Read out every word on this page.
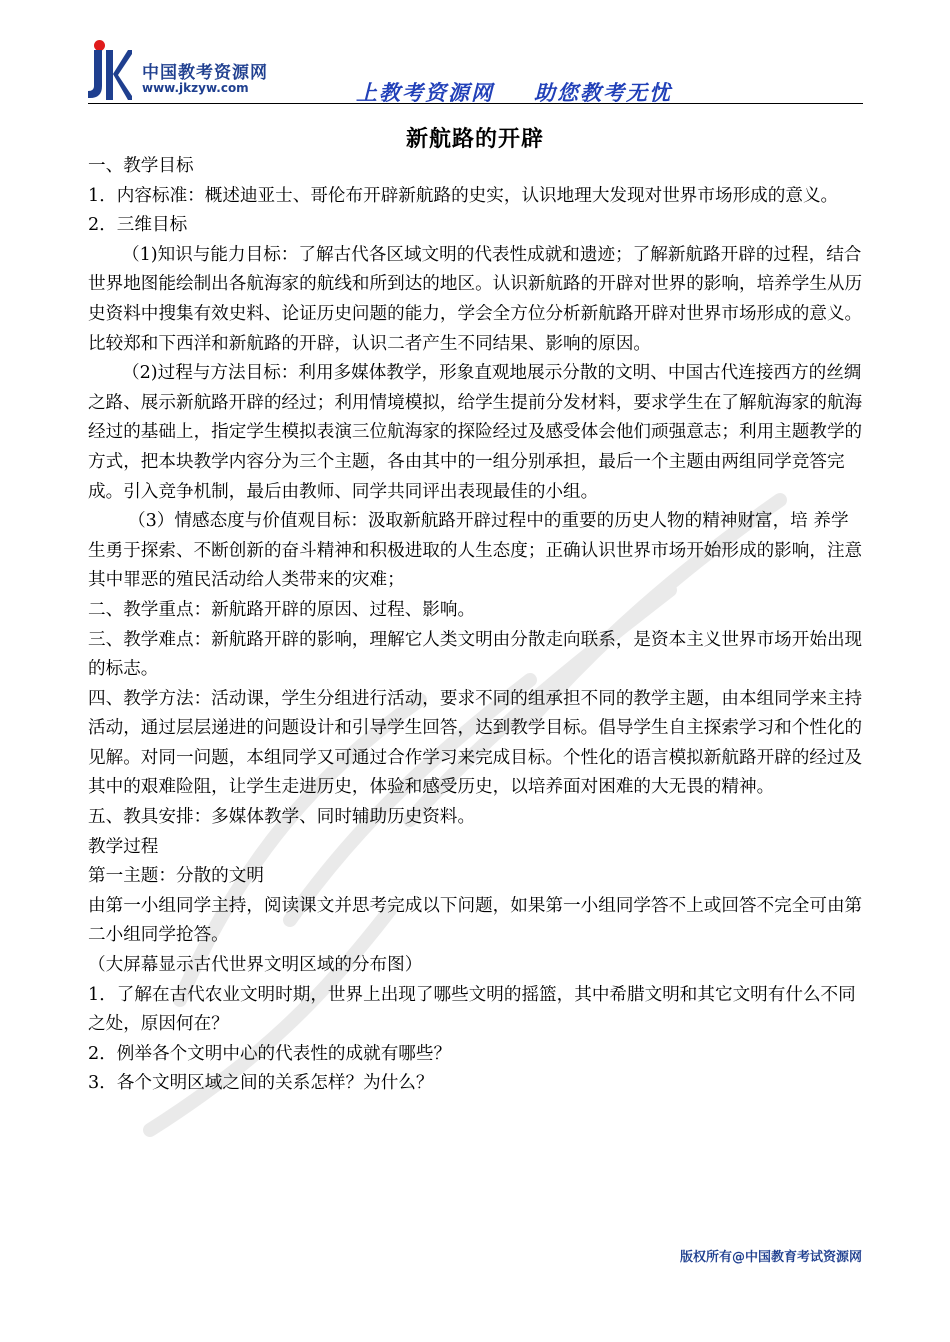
中国教考资源网
www.jkzyw.com	上教考资源网 助您教考无忧
新航路的开辟

一、教学目标

1．内容标准：概述迪亚士、哥伦布开辟新航路的史实，认识地理大发现对世界市场形成的意义。

2．三维目标

（1)知识与能力目标：了解古代各区域文明的代表性成就和遗迹；了解新航路开辟的过程，结合世界地图能绘制出各航海家的航线和所到达的地区。认识新航路的开辟对世界的影响，培养学生从历史资料中搜集有效史料、论证历史问题的能力，学会全方位分析新航路开辟对世界市场形成的意义。比较郑和下西洋和新航路的开辟，认识二者产生不同结果、影响的原因。

（2)过程与方法目标：利用多媒体教学，形象直观地展示分散的文明、中国古代连接西方的丝绸之路、展示新航路开辟的经过；利用情境模拟，给学生提前分发材料，要求学生在了解航海家的航海经过的基础上，指定学生模拟表演三位航海家的探险经过及感受体会他们顽强意志；利用主题教学的方式，把本块教学内容分为三个主题，各由其中的一组分别承担，最后一个主题由两组同学竞答完成。引入竞争机制，最后由教师、同学共同评出表现最佳的小组。

（3）情感态度与价值观目标：汲取新航路开辟过程中的重要的历史人物的精神财富，培 养学生勇于探索、不断创新的奋斗精神和积极进取的人生态度；正确认识世界市场开始形成的影响，注意其中罪恶的殖民活动给人类带来的灾难；

二、教学重点：新航路开辟的原因、过程、影响。

三、教学难点：新航路开辟的影响，理解它人类文明由分散走向联系，是资本主义世界市场开始出现的标志。

四、教学方法：活动课，学生分组进行活动，要求不同的组承担不同的教学主题，由本组同学来主持活动，通过层层递进的问题设计和引导学生回答，达到教学目标。倡导学生自主探索学习和个性化的见解。对同一问题，本组同学又可通过合作学习来完成目标。个性化的语言模拟新航路开辟的经过及其中的艰难险阻，让学生走进历史，体验和感受历史，以培养面对困难的大无畏的精神。

五、教具安排：多媒体教学、同时辅助历史资料。

教学过程

第一主题：分散的文明

由第一小组同学主持，阅读课文并思考完成以下问题，如果第一小组同学答不上或回答不完全可由第二小组同学抢答。

（大屏幕显示古代世界文明区域的分布图）

1．了解在古代农业文明时期，世界上出现了哪些文明的摇篮，其中希腊文明和其它文明有什么不同之处，原因何在？

2．例举各个文明中心的代表性的成就有哪些？

3．各个文明区域之间的关系怎样？为什么？

版权所有@中国教育考试资源网
